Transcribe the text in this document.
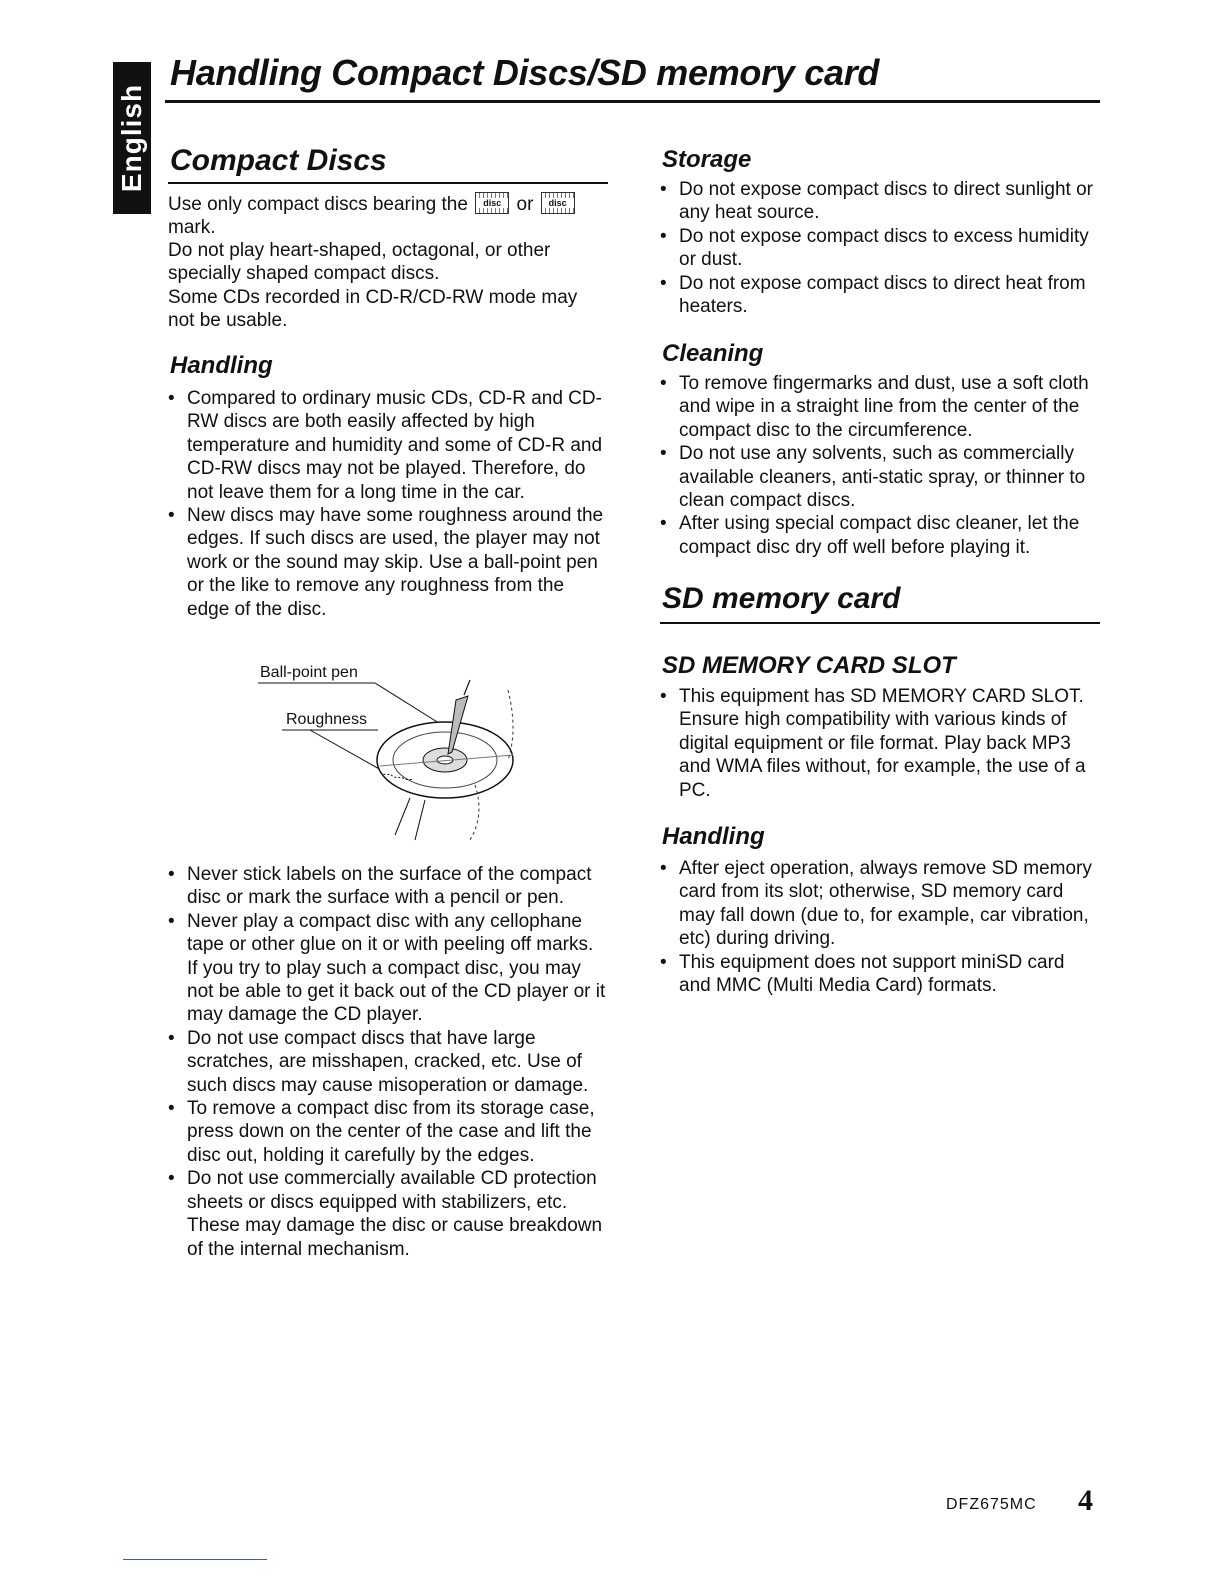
English
Handling Compact Discs/SD memory card
Compact Discs

Use only compact discs bearing the	disc or	disc

mark.

Do not play heart-shaped, octagonal, or other specially shaped compact discs.

Some CDs recorded in CD-R/CD-RW mode may not be usable.

Handling
• Compared to ordinary music CDs, CD-R and CD-RW discs are both easily affected by high temperature and humidity and some of CD-R and CD-RW discs may not be played. Therefore, do not leave them for a long time in the car.
• New discs may have some roughness around the edges. If such discs are used, the player may not work or the sound may skip. Use a ball-point pen or the like to remove any roughness from the edge of the disc.
Ball-point pen
Roughness
• Never stick labels on the surface of the compact disc or mark the surface with a pencil or pen.
• Never play a compact disc with any cellophane tape or other glue on it or with peeling off marks. If you try to play such a compact disc, you may not be able to get it back out of the CD player or it may damage the CD player.
• Do not use compact discs that have large scratches, are misshapen, cracked, etc. Use of such discs may cause misoperation or damage.
• To remove a compact disc from its storage case, press down on the center of the case and lift the disc out, holding it carefully by the edges.
• Do not use commercially available CD protection sheets or discs equipped with stabilizers, etc. These may damage the disc or cause breakdown of the internal mechanism.
Storage
• Do not expose compact discs to direct sunlight or any heat source.
• Do not expose compact discs to excess humidity or dust.
• Do not expose compact discs to direct heat from heaters.
Cleaning
• To remove fingermarks and dust, use a soft cloth and wipe in a straight line from the center of the compact disc to the circumference.
• Do not use any solvents, such as commercially available cleaners, anti-static spray, or thinner to clean compact discs.
• After using special compact disc cleaner, let the compact disc dry off well before playing it.
SD memory card
SD MEMORY CARD SLOT
• This equipment has SD MEMORY CARD SLOT. Ensure high compatibility with various kinds of digital equipment or file format. Play back MP3 and WMA files without, for example, the use of a PC.
Handling
• After eject operation, always remove SD memory card from its slot; otherwise, SD memory card may fall down (due to, for example, car vibration, etc) during driving.
• This equipment does not support miniSD card and MMC (Multi Media Card) formats.
DFZ675MC 4
